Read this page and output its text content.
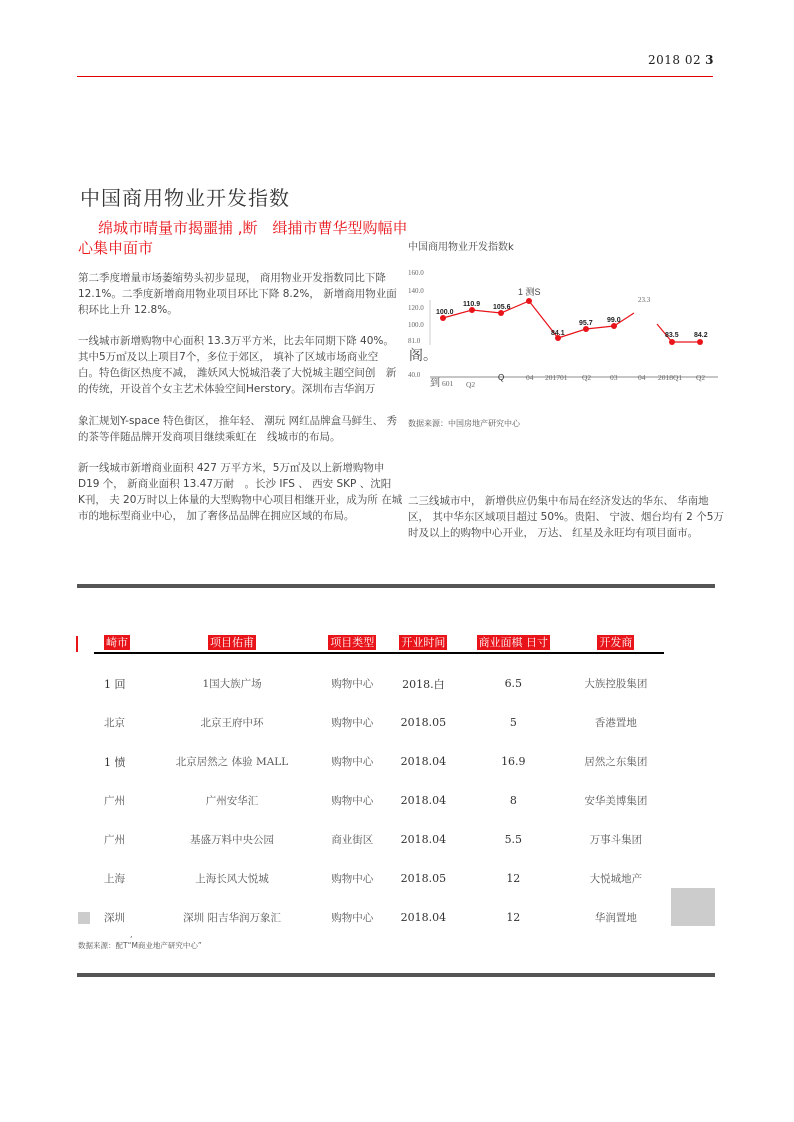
2018 02 3
中国商用物业开发指数
绵城市晴量市揭噩捕 ,断　缉捕市曹华型购幅申心集申面市
第二季度增量市场萎缩势头初步显现， 商用物业开发指数同比下降 12.1%。二季度新增商用物业项目环比下降 8.2%， 新增商用物业面积环比上升 12.8%。
一线城市新增购物中心面积 13.3万平方米，比去年同期下降 40%。　其中5万㎡及以上项目7个，多位于郊区， 填补了区域市场商业空　白。特色街区热度不减， 潍妖风大悦城沿袭了大悦城主题空间创　新的传统，开设首个女主艺术体验空间Herstory。深圳布吉华润万
象汇规划Y-space 特色街区， 推年轻、 潮玩 网红品牌盒马鲜生、 秀的茶等伴随品牌开发商项目继续乘虹在　线城市的布局。
新一线城市新增商业面积 427 万平方米，5万㎡及以上新增购物申　D19 个， 新商业面积 13.47万耐　。长沙 IFS 、 西安 SKP 、沈阳　K刊， 夫 20万时以上体量的大型购物中心项目相继开业，成为所 在城市的地标型商业中心， 加了奢侈品品牌在拥应区域的布局。
中国商用物业开发指数k
160.0
140.0
120.0
100.0
81.0
阁。
40.0
到 601 Q2
Q	04 201701 Q2	03	04 2018Q1 Q2
100.0
110.9 105.6
1 测S
84.1
95.7 99.0
23.3
83.5 84.2
数据来源：中国房地产研究中心
二三线城市中， 新增供应仍集中布局在经济发达的华东、 华南地区， 其中华东区域项目超过 50%。贵阳、 宁波、烟台均有 2 个5万 时及以上的购物中心开业， 万达、 红星及永旺均有项目面市。
崎市	项目佑甫	项目类型	开业时间	商业面棋 日寸	开发商

1 回	1国大族广场	购物中心	2018.白	6.5	大族控股集团
北京	北京王府中环	购物中心	2018.05	5	香港置地
1 愤	北京居然之 体验 MALL	购物中心	2018.04	16.9	居然之东集团
广州	广州安华汇	购物中心	2018.04	8	安华美博集团
广州	基盛万料中央公园	商业街区	2018.04	5.5	万事斗集团
上海	上海长风大悦城	购物中心	2018.05	12	大悦城地产
深圳	深圳 阳吉华润万象汇	购物中心	2018.04	12	华润置地
,
数据来源：配T“M商业地产研究中心”
